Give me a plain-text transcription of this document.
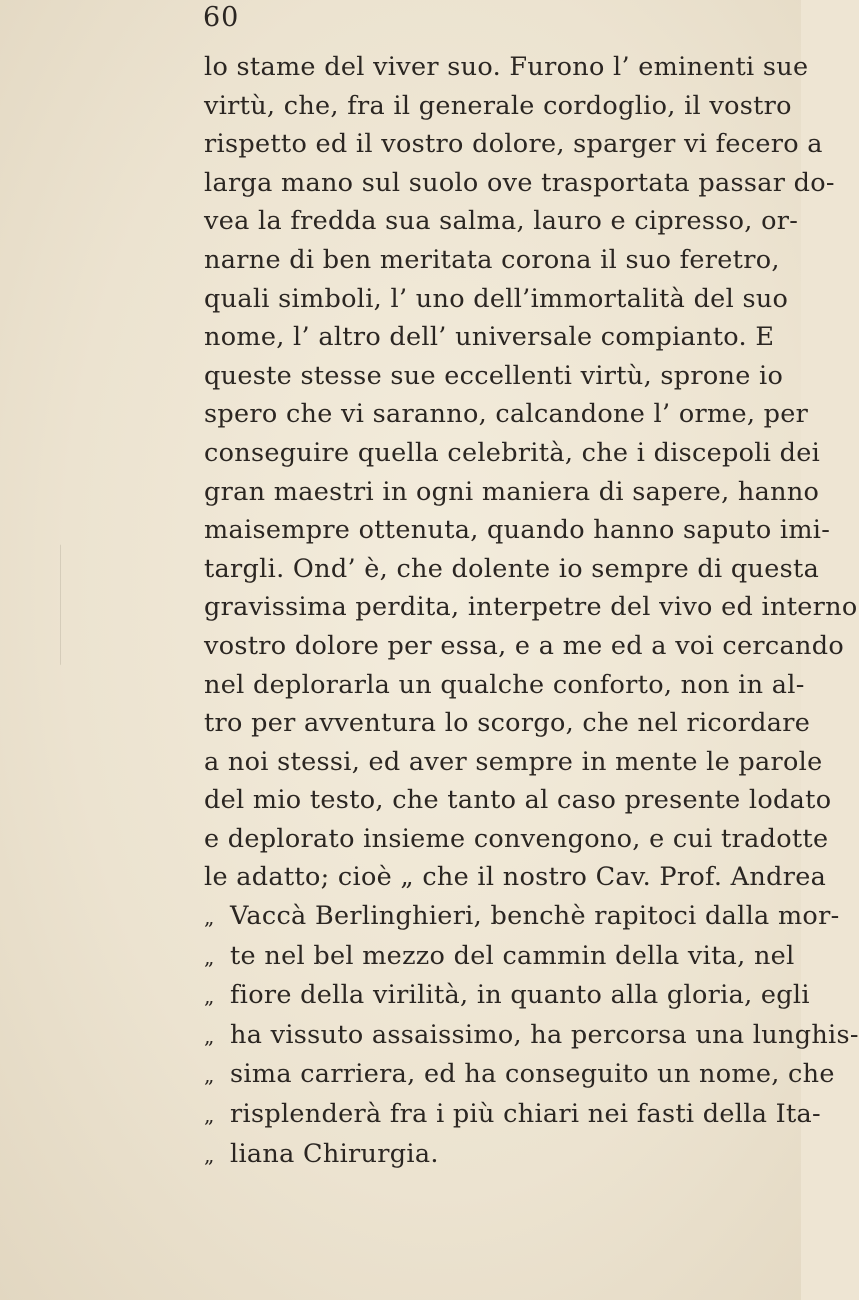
60
lo stame del viver suo. Furono l’ eminenti sue
virtù, che, fra il generale cordoglio, il vostro
rispetto ed il vostro dolore, sparger vi fecero a
larga mano sul suolo ove trasportata passar do-
vea la fredda sua salma, lauro e cipresso, or-
narne di ben meritata corona il suo feretro,
quali simboli, l’ uno dell’immortalità del suo
nome, l’ altro dell’ universale compianto. E
queste stesse sue eccellenti virtù, sprone io
spero che vi saranno, calcandone l’ orme, per
conseguire quella celebrità, che i discepoli dei
gran maestri in ogni maniera di sapere, hanno
maisempre ottenuta, quando hanno saputo imi-
targli. Ond’ è, che dolente io sempre di questa
gravissima perdita, interpetre del vivo ed interno
vostro dolore per essa, e a me ed a voi cercando
nel deplorarla un qualche conforto, non in al-
tro per avventura lo scorgo, che nel ricordare
a noi stessi, ed aver sempre in mente le parole
del mio testo, che tanto al caso presente lodato
e deplorato insieme convengono, e cui tradotte
le adatto; cioè „ che il nostro Cav. Prof. Andrea
„ Vaccà Berlinghieri, benchè rapitoci dalla mor-
„ te nel bel mezzo del cammin della vita, nel
„ fiore della virilità, in quanto alla gloria, egli
„ ha vissuto assaissimo, ha percorsa una lunghis-
„ sima carriera, ed ha conseguito un nome, che
„ risplenderà fra i più chiari nei fasti della Ita-
„ liana Chirurgia.
